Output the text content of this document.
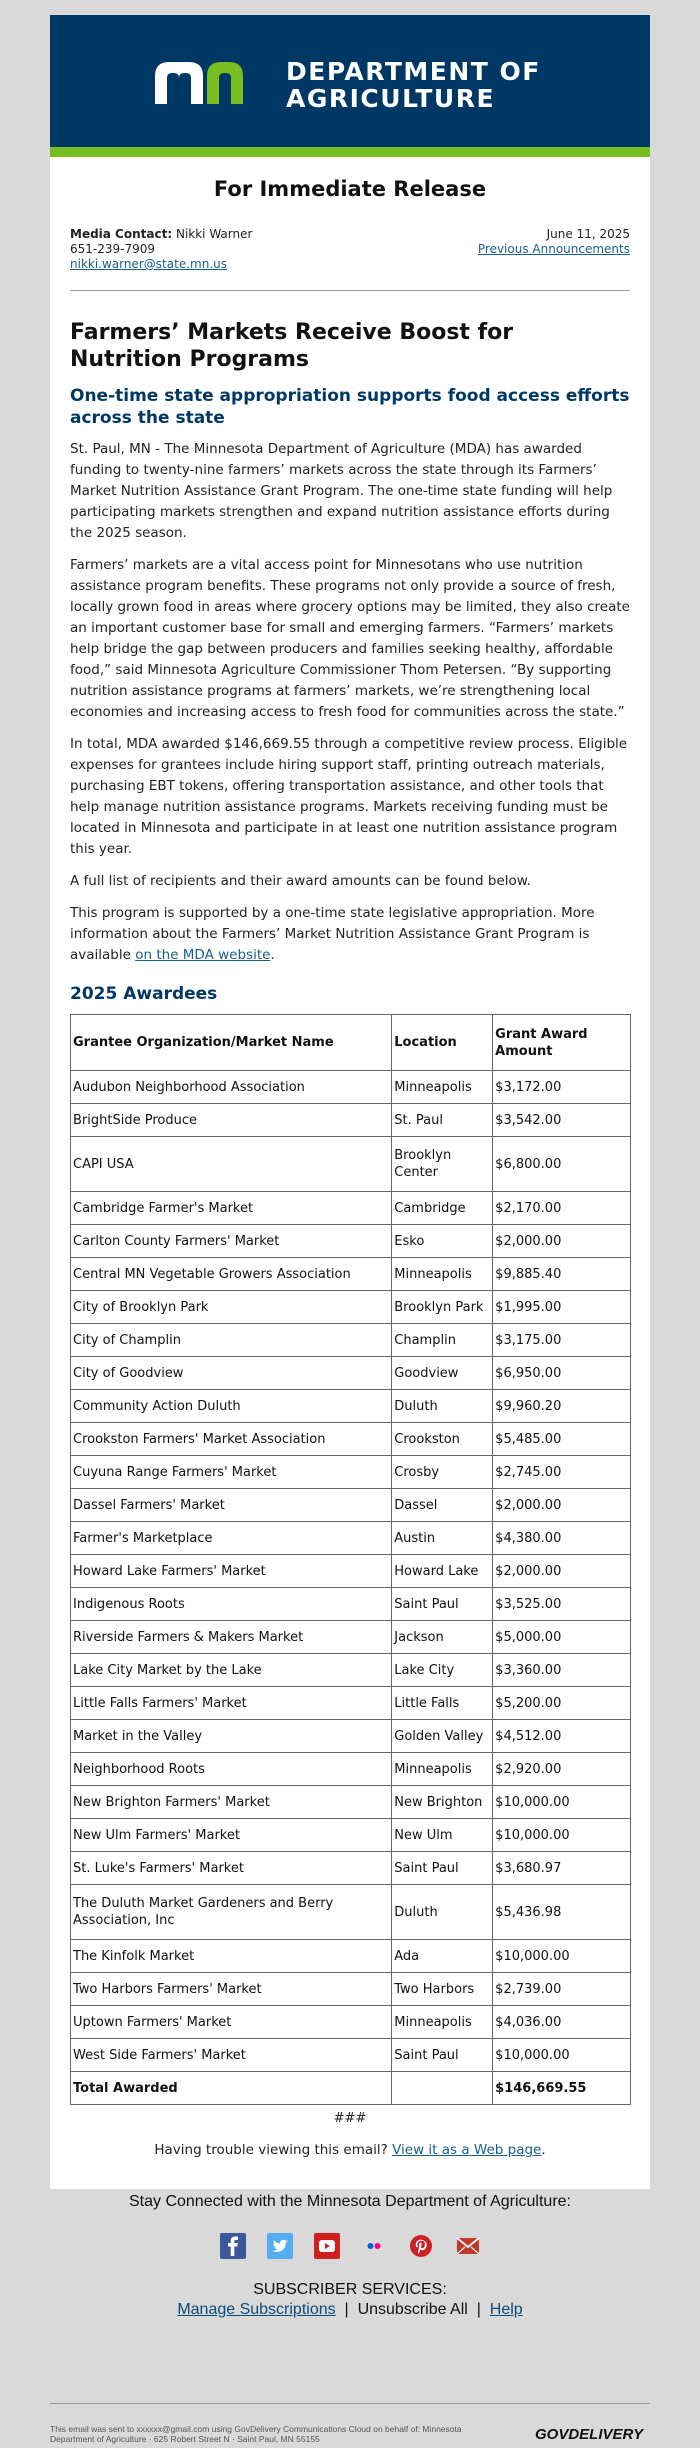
DEPARTMENT OF
AGRICULTURE
For Immediate Release
Media Contact: Nikki Warner
651-239-7909
nikki.warner@state.mn.us
June 11, 2025
Previous Announcements
Farmers’ Markets Receive Boost for Nutrition Programs
One-time state appropriation supports food access efforts across the state

St. Paul, MN - The Minnesota Department of Agriculture (MDA) has awarded funding to twenty-nine farmers’ markets across the state through its Farmers’ Market Nutrition Assistance Grant Program. The one-time state funding will help participating markets strengthen and expand nutrition assistance efforts during the 2025 season.

Farmers’ markets are a vital access point for Minnesotans who use nutrition assistance program benefits. These programs not only provide a source of fresh, locally grown food in areas where grocery options may be limited, they also create an important customer base for small and emerging farmers. “Farmers’ markets help bridge the gap between producers and families seeking healthy, affordable food,” said Minnesota Agriculture Commissioner Thom Petersen. “By supporting nutrition assistance programs at farmers’ markets, we’re strengthening local economies and increasing access to fresh food for communities across the state.”

In total, MDA awarded $146,669.55 through a competitive review process. Eligible expenses for grantees include hiring support staff, printing outreach materials, purchasing EBT tokens, offering transportation assistance, and other tools that help manage nutrition assistance programs. Markets receiving funding must be located in Minnesota and participate in at least one nutrition assistance program this year.

A full list of recipients and their award amounts can be found below.

This program is supported by a one-time state legislative appropriation. More information about the Farmers’ Market Nutrition Assistance Grant Program is available on the MDA website.

2025 Awardees
Grantee Organization/Market Name	Location	Grant Award Amount
Audubon Neighborhood Association	Minneapolis	$3,172.00
BrightSide Produce	St. Paul	$3,542.00
CAPI USA	Brooklyn Center	$6,800.00
Cambridge Farmer's Market	Cambridge	$2,170.00
Carlton County Farmers' Market	Esko	$2,000.00
Central MN Vegetable Growers Association	Minneapolis	$9,885.40
City of Brooklyn Park	Brooklyn Park	$1,995.00
City of Champlin	Champlin	$3,175.00
City of Goodview	Goodview	$6,950.00
Community Action Duluth	Duluth	$9,960.20
Crookston Farmers' Market Association	Crookston	$5,485.00
Cuyuna Range Farmers' Market	Crosby	$2,745.00
Dassel Farmers' Market	Dassel	$2,000.00
Farmer's Marketplace	Austin	$4,380.00
Howard Lake Farmers' Market	Howard Lake	$2,000.00
Indigenous Roots	Saint Paul	$3,525.00
Riverside Farmers & Makers Market	Jackson	$5,000.00
Lake City Market by the Lake	Lake City	$3,360.00
Little Falls Farmers' Market	Little Falls	$5,200.00
Market in the Valley	Golden Valley	$4,512.00
Neighborhood Roots	Minneapolis	$2,920.00
New Brighton Farmers' Market	New Brighton	$10,000.00
New Ulm Farmers' Market	New Ulm	$10,000.00
St. Luke's Farmers' Market	Saint Paul	$3,680.97
The Duluth Market Gardeners and Berry Association, Inc	Duluth	$5,436.98
The Kinfolk Market	Ada	$10,000.00
Two Harbors Farmers' Market	Two Harbors	$2,739.00
Uptown Farmers' Market	Minneapolis	$4,036.00
West Side Farmers' Market	Saint Paul	$10,000.00
Total Awarded		$146,669.55
###

Having trouble viewing this email? View it as a Web page.

Stay Connected with the Minnesota Department of Agriculture:
SUBSCRIBER SERVICES:
Manage Subscriptions | Unsubscribe All | Help
This email was sent to xxxxxx@gmail.com using GovDelivery Communications Cloud on behalf of: Minnesota
Department of Agriculture · 625 Robert Street N · Saint Paul, MN 55155	GOVDELIVERY
